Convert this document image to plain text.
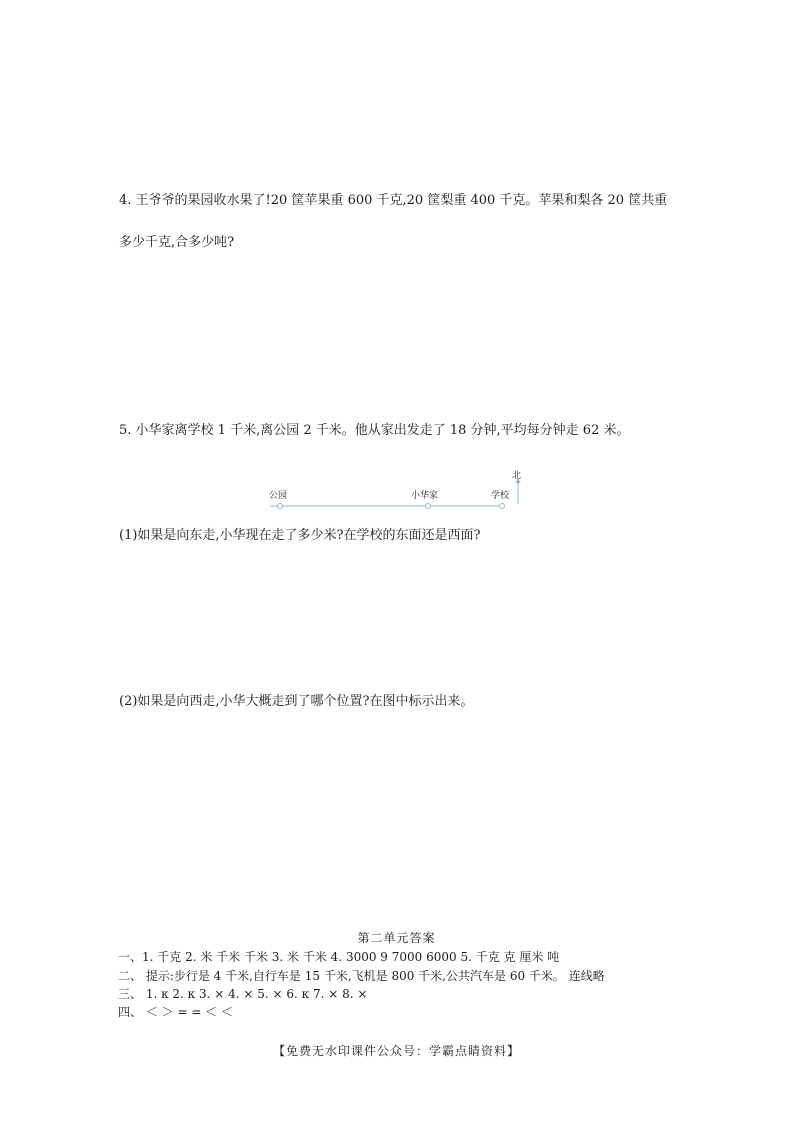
4. 王爷爷的果园收水果了!20 筐苹果重 600 千克,20 筐梨重 400 千克。苹果和梨各 20 筐共重
多少千克,合多少吨?
5. 小华家离学校 1 千米,离公园 2 千米。他从家出发走了 18 分钟,平均每分钟走 62 米。
北
公园	小华家	学校
(1)如果是向东走,小华现在走了多少米?在学校的东面还是西面?
(2)如果是向西走,小华大概走到了哪个位置?在图中标示出来。
第二单元答案
一、1. 千克 2. 米 千米 千米 3. 米 千米 4. 3000 9 7000 6000 5. 千克 克 厘米 吨
二、 提示:步行是 4 千米,自行车是 15 千米,飞机是 800 千米,公共汽车是 60 千米。 连线略
三、 1. κ 2. κ 3. × 4. × 5. × 6. κ 7. × 8. ×
四、 ＜ ＞ = = ＜ ＜
【免费无水印课件公众号：学霸点睛资料】
